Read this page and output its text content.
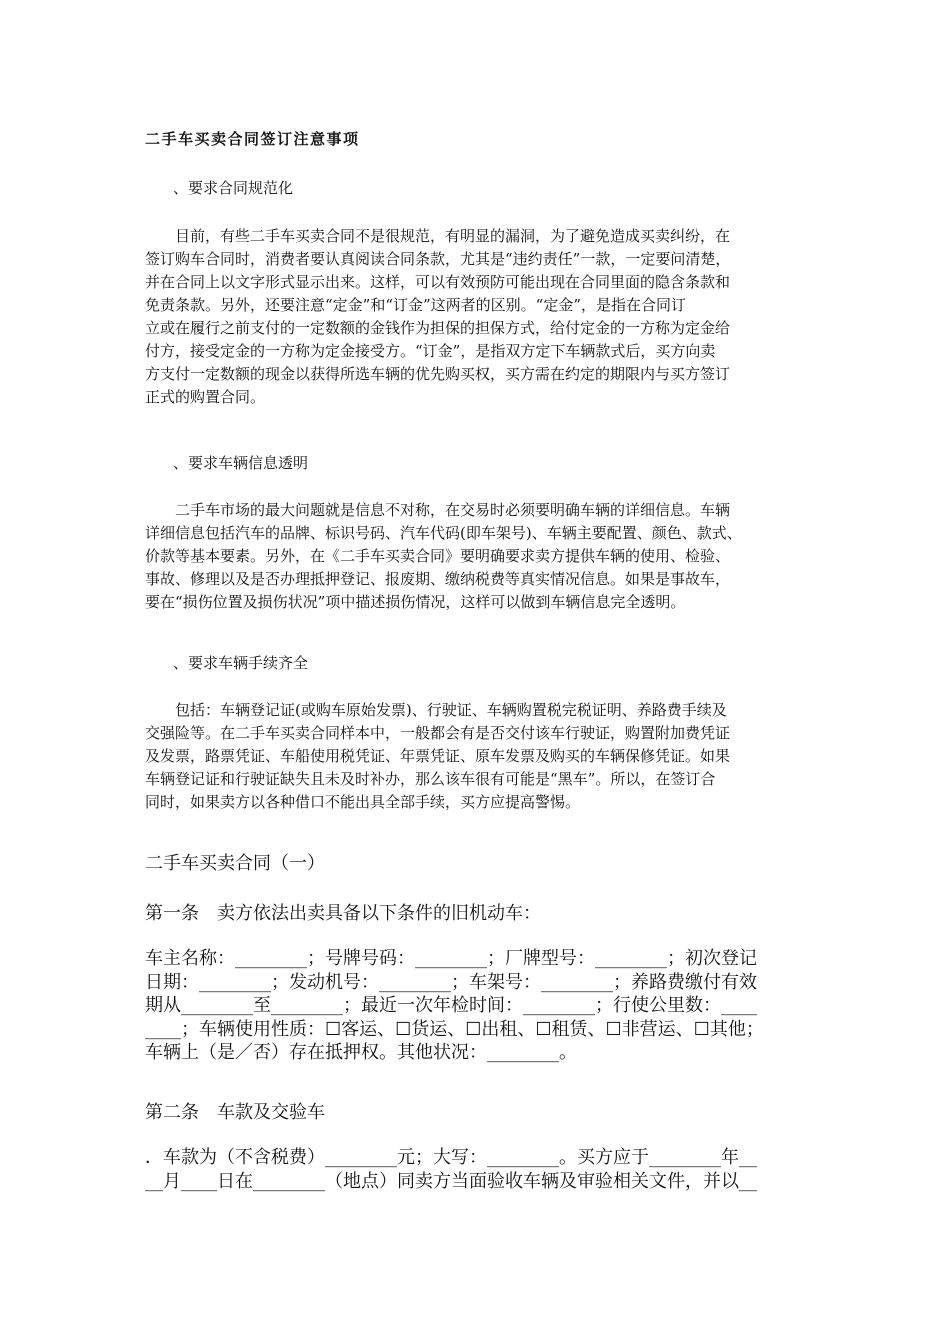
二手车买卖合同签订注意事项
、要求合同规范化

　　目前，有些二手车买卖合同不是很规范，有明显的漏洞，为了避免造成买卖纠纷，在

签订购车合同时，消费者要认真阅读合同条款，尤其是“违约责任”一款，一定要问清楚，

并在合同上以文字形式显示出来。这样，可以有效预防可能出现在合同里面的隐含条款和

免责条款。另外，还要注意“定金”和“订金”这两者的区别。“定金”，是指在合同订

立或在履行之前支付的一定数额的金钱作为担保的担保方式，给付定金的一方称为定金给

付方，接受定金的一方称为定金接受方。“订金”，是指双方定下车辆款式后，买方向卖

方支付一定数额的现金以获得所选车辆的优先购买权，买方需在约定的期限内与买方签订

正式的购置合同。

、要求车辆信息透明

　　二手车市场的最大问题就是信息不对称，在交易时必须要明确车辆的详细信息。车辆

详细信息包括汽车的品牌、标识号码、汽车代码(即车架号)、车辆主要配置、颜色、款式、

价款等基本要素。另外，在《二手车买卖合同》要明确要求卖方提供车辆的使用、检验、

事故、修理以及是否办理抵押登记、报废期、缴纳税费等真实情况信息。如果是事故车，

要在“损伤位置及损伤状况”项中描述损伤情况，这样可以做到车辆信息完全透明。

、要求车辆手续齐全

　　包括：车辆登记证(或购车原始发票)、行驶证、车辆购置税完税证明、养路费手续及

交强险等。在二手车买卖合同样本中，一般都会有是否交付该车行驶证，购置附加费凭证

及发票，路票凭证、车船使用税凭证、年票凭证、原车发票及购买的车辆保修凭证。如果

车辆登记证和行驶证缺失且未及时补办，那么该车很有可能是“黑车”。所以，在签订合

同时，如果卖方以各种借口不能出具全部手续，买方应提高警惕。

二手车买卖合同（一）
第一条　卖方依法出卖具备以下条件的旧机动车：

车主名称：________；号牌号码：________；厂牌型号：________；初次登记

日期：________；发动机号：________；车架号：________；养路费缴付有效

期从________至________；最近一次年检时间：________；行使公里数：____

____；车辆使用性质：☐客运、☐货运、☐出租、☐租赁、☐非营运、☐其他；

车辆上（是／否）存在抵押权。其他状况：________。

第二条　车款及交验车

．车款为（不含税费）________元；大写：________。买方应于________年__

__月____日在________（地点）同卖方当面验收车辆及审验相关文件，并以__
